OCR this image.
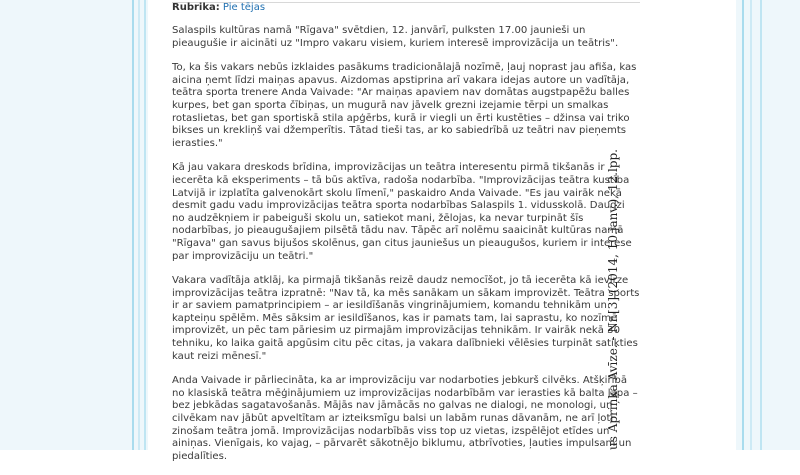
Rubrika: Pie tējas

Salaspils kultūras namā "Rīgava" svētdien, 12. janvārī, pulksten 17.00 jaunieši un pieaugušie ir aicināti uz "Impro vakaru visiem, kuriem interesē improvizācija un teātris".

To, ka šis vakars nebūs izklaides pasākums tradicionālajā nozīmē, ļauj noprast jau afiša, kas aicina ņemt līdzi maiņas apavus. Aizdomas apstiprina arī vakara idejas autore un vadītāja, teātra sporta trenere Anda Vaivade: "Ar maiņas apaviem nav domātas augstpapēžu balles kurpes, bet gan sporta čībiņas, un mugurā nav jāvelk grezni izejamie tērpi un smalkas rotaslietas, bet gan sportiskā stila apģērbs, kurā ir viegli un ērti kustēties – džinsa vai triko bikses un krekliņš vai džemperītis. Tātad tieši tas, ar ko sabiedrībā uz teātri nav pieņemts ierasties."

Kā jau vakara dreskods brīdina, improvizācijas un teātra interesentu pirmā tikšanās ir iecerēta kā eksperiments – tā būs aktīva, radoša nodarbība. "Improvizācijas teātra kustība Latvijā ir izplatīta galvenokārt skolu līmenī," paskaidro Anda Vaivade. "Es jau vairāk nekā desmit gadu vadu improvizācijas teātra sporta nodarbības Salaspils 1. vidusskolā. Daudzi no audzēkņiem ir pabeiguši skolu un, satiekot mani, žēlojas, ka nevar turpināt šīs nodarbības, jo pieaugušajiem pilsētā tādu nav. Tāpēc arī nolēmu saaicināt kultūras namā "Rīgava" gan savus bijušos skolēnus, gan citus jauniešus un pieaugušos, kuriem ir interese par improvizāciju un teātri."

Vakara vadītāja atklāj, ka pirmajā tikšanās reizē daudz nemocīšot, jo tā iecerēta kā ievirze improvizācijas teātra izpratnē: "Nav tā, ka mēs sanākam un sākam improvizēt. Teātra sports ir ar saviem pamatprincipiem – ar iesildīšanās vingrinājumiem, komandu tehnikām un kapteiņu spēlēm. Mēs sāksim ar iesildīšanos, kas ir pamats tam, lai saprastu, ko nozīmē improvizēt, un pēc tam pāriesim uz pirmajām improvizācijas tehnikām. Ir vairāk nekā 30 tehniku, ko laika gaitā apgūsim citu pēc citas, ja vakara dalībnieki vēlēsies turpināt satikties kaut reizi mēnesī."

Anda Vaivade ir pārliecināta, ka ar improvizāciju var nodarboties jebkurš cilvēks. Atšķirībā no klasiskā teātra mēģinājumiem uz improvizācijas nodarbībām var ierasties kā balta lapa – bez jebkādas sagatavošanās. Mājās nav jāmācās no galvas ne dialogi, ne monologi, un cilvēkam nav jābūt apveltītam ar izteiksmīgu balsi un labām runas dāvanām, ne arī ļoti zinošam teātra jomā. Improvizācijas nodarbībās viss top uz vietas, izspēlējot etīdes un ainiņas. Vienīgais, ko vajag, – pārvarēt sākotnējo biklumu, atbrīvoties, ļauties impulsam un piedalīties.

us Apriņķa Avīze. - Nr.[3] (2014, 10.janv.), 12.lpp.
